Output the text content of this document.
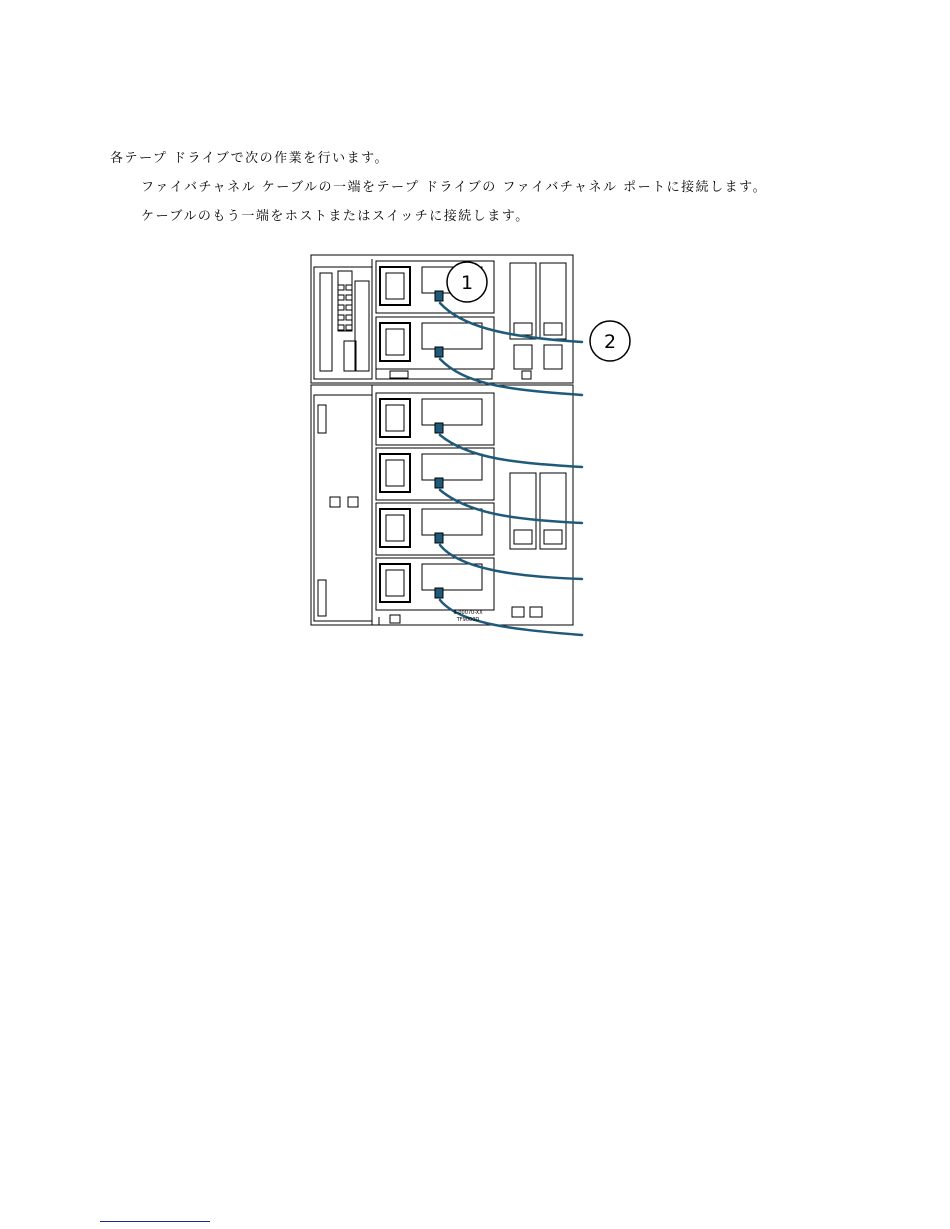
各テープ ドライブで次の作業を行います。
ファイバチャネル ケーブルの一端をテープ ドライブの ファイバチャネル ポートに接続します。
ケーブルのもう一端をホストまたはスイッチに接続します。
9-00070-XX
TF9000D
1
2
